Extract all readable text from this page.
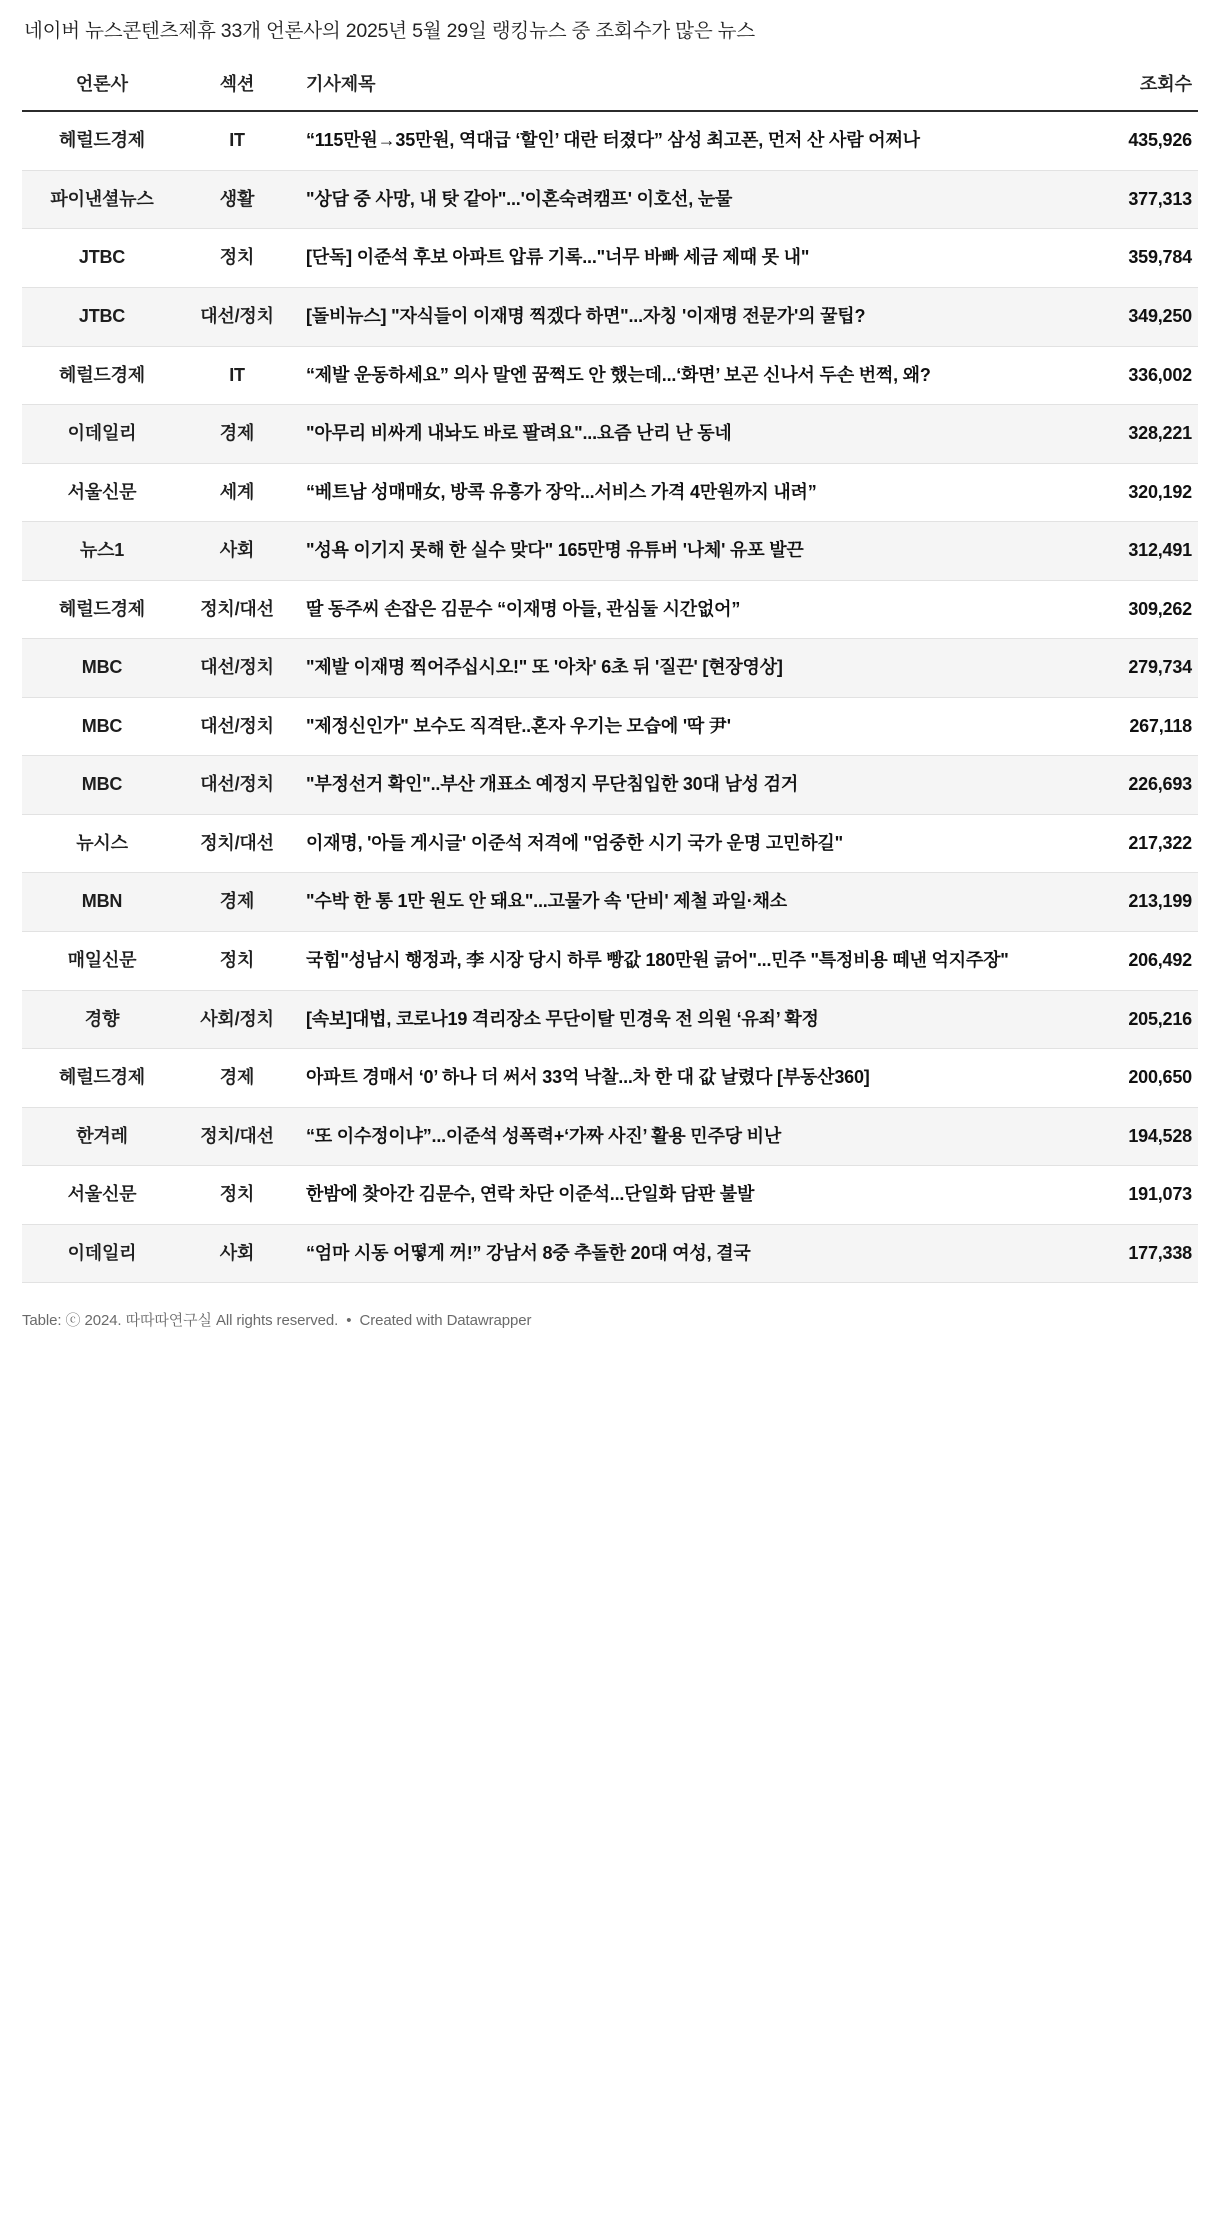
네이버 뉴스콘텐츠제휴 33개 언론사의 2025년 5월 29일 랭킹뉴스 중 조회수가 많은 뉴스
언론사	섹션	기사제목	조회수
헤럴드경제	IT	“115만원→35만원, 역대급 ‘할인’ 대란 터졌다” 삼성 최고폰, 먼저 산 사람 어쩌나	435,926
파이낸셜뉴스	생활	"상담 중 사망, 내 탓 같아"...'이혼숙려캠프' 이호선, 눈물	377,313
JTBC	정치	[단독] 이준석 후보 아파트 압류 기록..."너무 바빠 세금 제때 못 내"	359,784
JTBC	대선/정치	[돌비뉴스] "자식들이 이재명 찍겠다 하면"...자칭 '이재명 전문가'의 꿀팁?	349,250
헤럴드경제	IT	“제발 운동하세요” 의사 말엔 꿈쩍도 안 했는데...‘화면’ 보곤 신나서 두손 번쩍, 왜?	336,002
이데일리	경제	"아무리 비싸게 내놔도 바로 팔려요"...요즘 난리 난 동네	328,221
서울신문	세계	“베트남 성매매女, 방콕 유흥가 장악...서비스 가격 4만원까지 내려”	320,192
뉴스1	사회	"성욕 이기지 못해 한 실수 맞다" 165만명 유튜버 '나체' 유포 발끈	312,491
헤럴드경제	정치/대선	딸 동주씨 손잡은 김문수 “이재명 아들, 관심둘 시간없어”	309,262
MBC	대선/정치	"제발 이재명 찍어주십시오!" 또 '아차' 6초 뒤 '질끈' [현장영상]	279,734
MBC	대선/정치	"제정신인가" 보수도 직격탄..혼자 우기는 모습에 '딱 尹'	267,118
MBC	대선/정치	"부정선거 확인"..부산 개표소 예정지 무단침입한 30대 남성 검거	226,693
뉴시스	정치/대선	이재명, '아들 게시글' 이준석 저격에 "엄중한 시기 국가 운명 고민하길"	217,322
MBN	경제	"수박 한 통 1만 원도 안 돼요"...고물가 속 '단비' 제철 과일·채소	213,199
매일신문	정치	국힘"성남시 행정과, 李 시장 당시 하루 빵값 180만원 긁어"...민주 "특정비용 떼낸 억지주장"	206,492
경향	사회/정치	[속보]대법, 코로나19 격리장소 무단이탈 민경욱 전 의원 ‘유죄’ 확정	205,216
헤럴드경제	경제	아파트 경매서 ‘0’ 하나 더 써서 33억 낙찰...차 한 대 값 날렸다 [부동산360]	200,650
한겨레	정치/대선	“또 이수정이냐”...이준석 성폭력+‘가짜 사진’ 활용 민주당 비난	194,528
서울신문	정치	한밤에 찾아간 김문수, 연락 차단 이준석...단일화 담판 불발	191,073
이데일리	사회	“엄마 시동 어떻게 꺼!” 강남서 8중 추돌한 20대 여성, 결국	177,338
Table: ⓒ 2024. 따따따연구실 All rights reserved. • Created with Datawrapper
